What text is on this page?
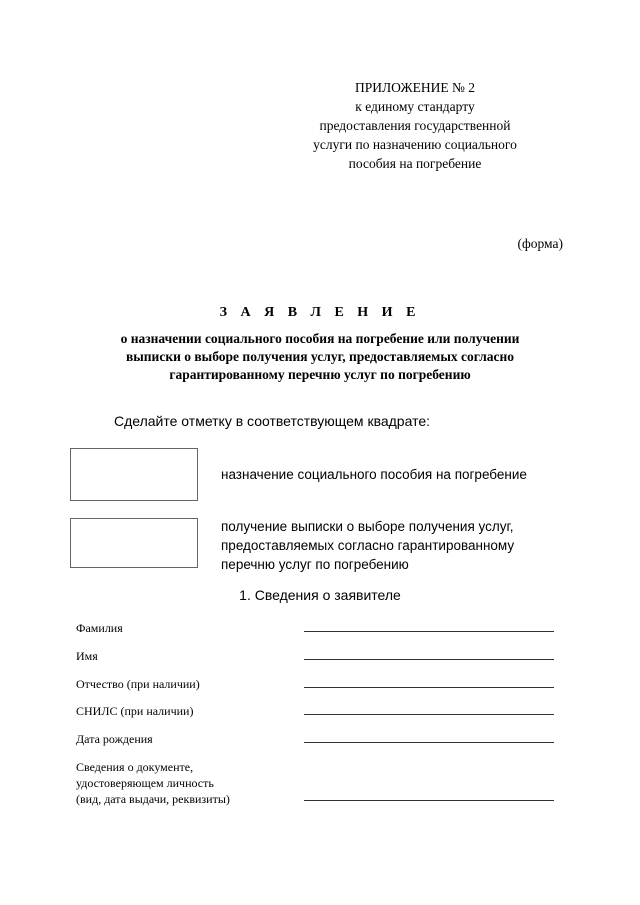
ПРИЛОЖЕНИЕ № 2
к единому стандарту
предоставления государственной
услуги по назначению социального
пособия на погребение
(форма)
З А Я В Л Е Н И Е
о назначении социального пособия на погребение или получении
выписки о выборе получения услуг, предоставляемых согласно
гарантированному перечню услуг по погребению
Сделайте отметку в соответствующем квадрате:
назначение социального пособия на погребение
получение выписки о выборе получения услуг,
предоставляемых согласно гарантированному
перечню услуг по погребению
1. Сведения о заявителе
Фамилия
Имя
Отчество (при наличии)
СНИЛС (при наличии)
Дата рождения
Сведения о документе,
удостоверяющем личность
(вид, дата выдачи, реквизиты)
